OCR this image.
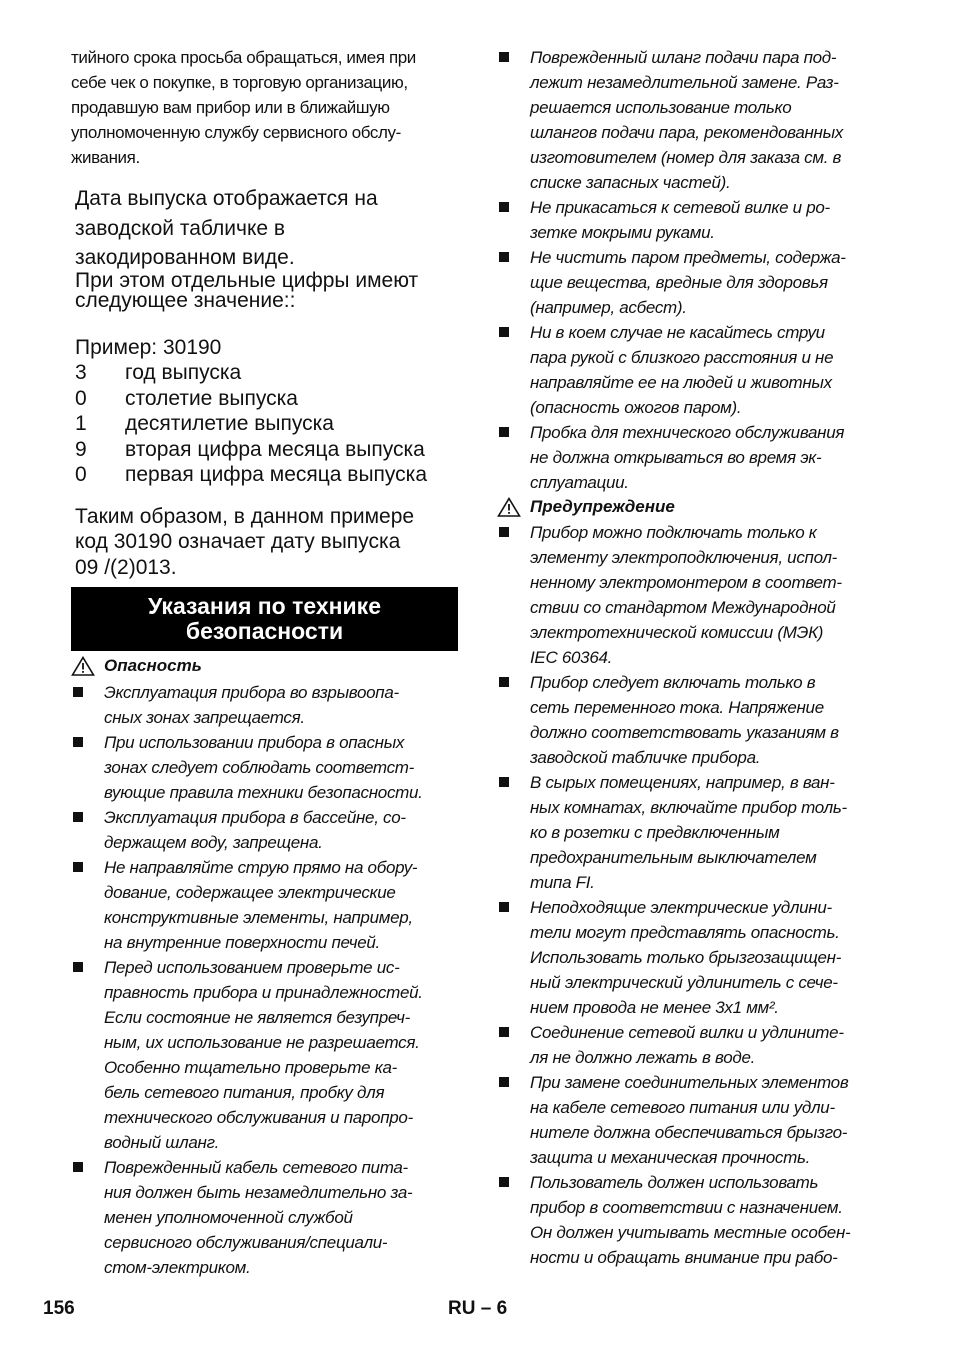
тийного срока просьба обращаться, имея при

себе чек о покупке, в торговую организацию,

продавшую вам прибор или в ближайшую

уполномоченную службу сервисного обслу-

живания.

Дата выпуска отображается на

заводской табличке в

закодированном виде.

При этом отдельные цифры имеют

следующее значение::

Пример: 30190

3	год выпуска
0	столетие выпуска
1	десятилетие выпуска
9	вторая цифра месяца выпуска
0	первая цифра месяца выпуска

Таким образом, в данном примере

код 30190 означает дату выпуска

09 /(2)013.

Указания по технике
безопасности
Опасность
Эксплуатация прибора во взрывоопа-
сных зонах запрещается.
При использовании прибора в опасных
зонах следует соблюдать соответст-
вующие правила техники безопасности.
Эксплуатация прибора в бассейне, со-
держащем воду, запрещена.
Не направляйте струю прямо на обору-
дование, содержащее электрические
конструктивные элементы, например,
на внутренние поверхности печей.
Перед использованием проверьте ис-
правность прибора и принадлежностей.
Если состояние не является безупреч-
ным, их использование не разрешается.
Особенно тщательно проверьте ка-
бель сетевого питания, пробку для
технического обслуживания и паропро-
водный шланг.
Поврежденный кабель сетевого пита-
ния должен быть незамедлительно за-
менен уполномоченной службой
сервисного обслуживания/специали-
стом-электриком.
Поврежденный шланг подачи пара под-
лежит незамедлительной замене. Раз-
решается использование только
шлангов подачи пара, рекомендованных
изготовителем (номер для заказа см. в
списке запасных частей).
Не прикасаться к сетевой вилке и ро-
зетке мокрыми руками.
Не чистить паром предметы, содержа-
щие вещества, вредные для здоровья
(например, асбест).
Ни в коем случае не касайтесь струи
пара рукой с близкого расстояния и не
направляйте ее на людей и животных
(опасность ожогов паром).
Пробка для технического обслуживания
не должна открываться во время эк-
сплуатации.
Предупреждение
Прибор можно подключать только к
элементу электроподключения, испол-
ненному электромонтером в соответ-
ствии со стандартом Международной
электротехнической комиссии (МЭК)
IEC 60364.
Прибор следует включать только в
сеть переменного тока. Напряжение
должно соответствовать указаниям в
заводской табличке прибора.
В сырых помещениях, например, в ван-
ных комнатах, включайте прибор толь-
ко в розетки с предвключенным
предохранительным выключателем
типа FI.
Неподходящие электрические удлини-
тели могут представлять опасность.
Использовать только брызгозащищен-
ный электрический удлинитель с сече-
нием провода не менее 3x1 мм².
Соединение сетевой вилки и удлините-
ля не должно лежать в воде.
При замене соединительных элементов
на кабеле сетевого питания или удли-
нителе должна обеспечиваться брызго-
защита и механическая прочность.
Пользователь должен использовать
прибор в соответствии с назначением.
Он должен учитывать местные особен-
ности и обращать внимание при рабо-
156	RU – 6
